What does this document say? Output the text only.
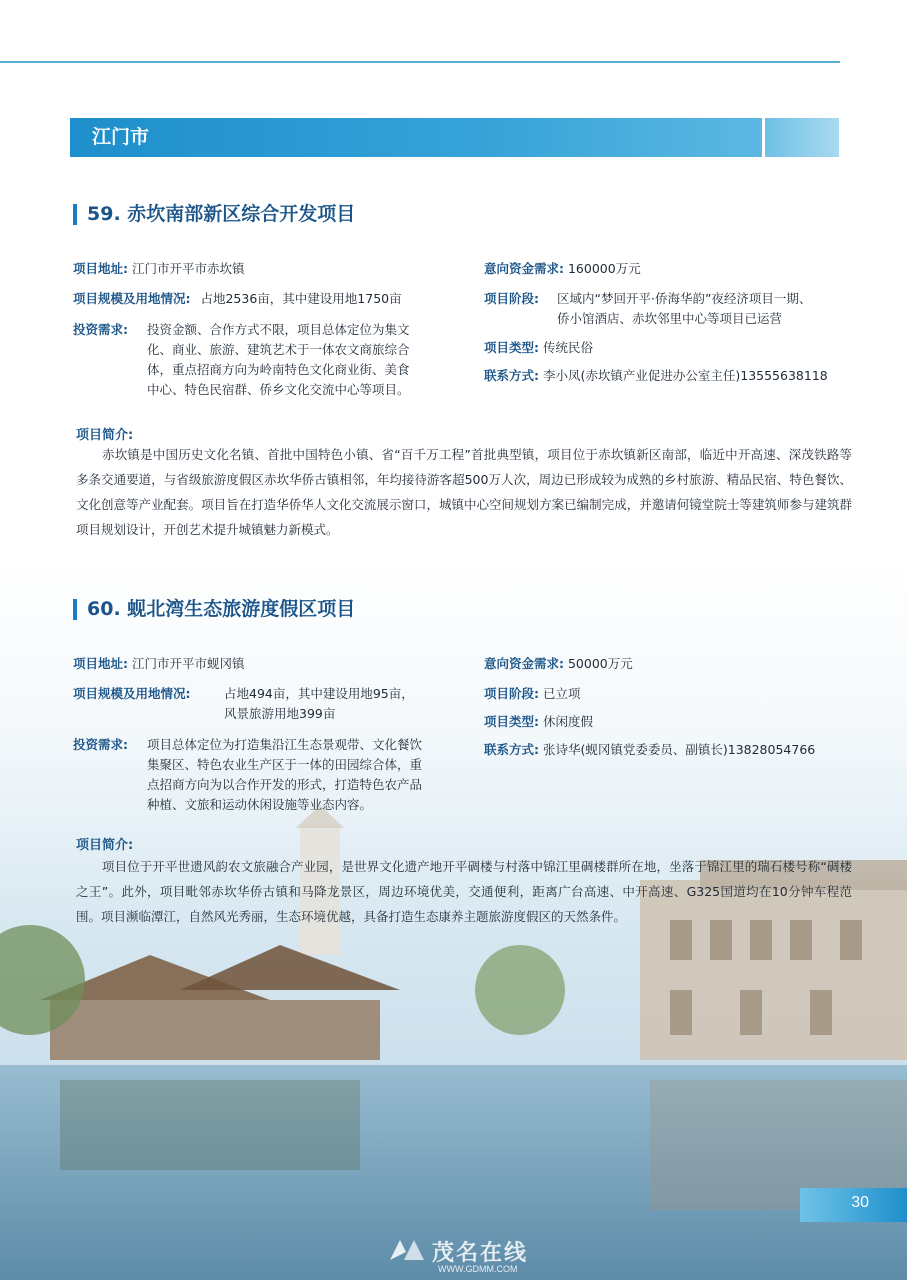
江门市
59. 赤坎南部新区综合开发项目
项目地址: 江门市开平市赤坎镇
项目规模及用地情况: 占地2536亩，其中建设用地1750亩
投资需求: 投资金额、合作方式不限，项目总体定位为集文
化、商业、旅游、建筑艺术于一体农文商旅综合
体，重点招商方向为岭南特色文化商业街、美食
中心、特色民宿群、侨乡文化交流中心等项目。
意向资金需求: 160000万元
项目阶段: 区域内“梦回开平·侨海华韵”夜经济项目一期、
侨小馆酒店、赤坎邻里中心等项目已运营
项目类型: 传统民俗
联系方式: 李小凤(赤坎镇产业促进办公室主任)13555638118
项目简介:
赤坎镇是中国历史文化名镇、首批中国特色小镇、省“百千万工程”首批典型镇，项目位于赤坎镇新区南部，临近中开高速、深茂铁路等多条交通要道，与省级旅游度假区赤坎华侨古镇相邻，年均接待游客超500万人次，周边已形成较为成熟的乡村旅游、精品民宿、特色餐饮、文化创意等产业配套。项目旨在打造华侨华人文化交流展示窗口，城镇中心空间规划方案已编制完成，并邀请何镜堂院士等建筑师参与建筑群项目规划设计，开创艺术提升城镇魅力新模式。
60. 蚬北湾生态旅游度假区项目
项目地址: 江门市开平市蚬冈镇
项目规模及用地情况:	占地494亩，其中建设用地95亩，
风景旅游用地399亩
投资需求: 项目总体定位为打造集沿江生态景观带、文化餐饮
集聚区、特色农业生产区于一体的田园综合体，重
点招商方向为以合作开发的形式，打造特色农产品
种植、文旅和运动休闲设施等业态内容。
意向资金需求: 50000万元
项目阶段: 已立项
项目类型: 休闲度假
联系方式: 张诗华(蚬冈镇党委委员、副镇长)13828054766
项目简介:
项目位于开平世遗风韵农文旅融合产业园，是世界文化遗产地开平碉楼与村落中锦江里碉楼群所在地，坐落于锦江里的瑞石楼号称“碉楼之王”。此外，项目毗邻赤坎华侨古镇和马降龙景区，周边环境优美，交通便利，距离广台高速、中开高速、G325国道均在10分钟车程范围。项目濒临潭江，自然风光秀丽，生态环境优越，具备打造生态康养主题旅游度假区的天然条件。
30
茂名在线
WWW.GDMM.COM
